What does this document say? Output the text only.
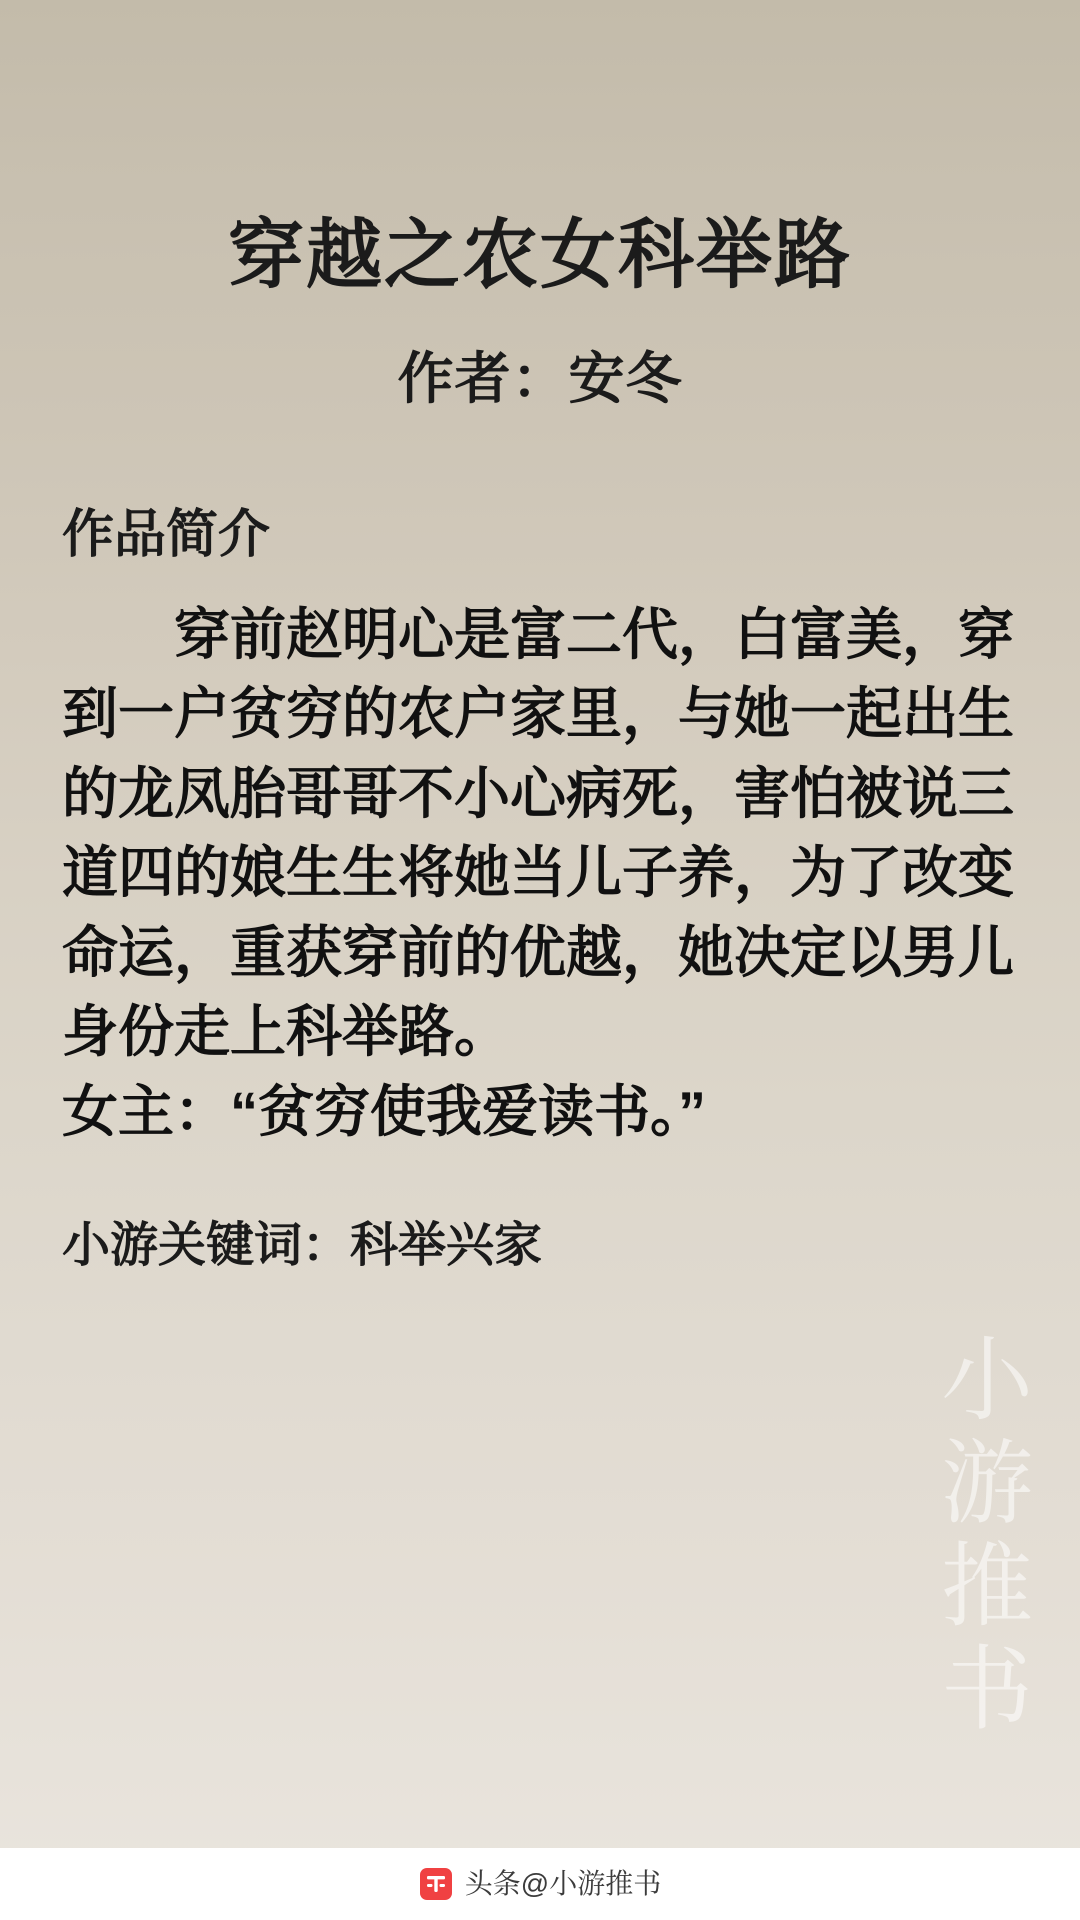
小
游
推
书
穿越之农女科举路
作者：安冬

作品简介

穿前赵明心是富二代，白富美，穿到一户贫穷的农户家里，与她一起出生的龙凤胎哥哥不小心病死，害怕被说三道四的娘生生将她当儿子养，为了改变命运，重获穿前的优越，她决定以男儿身份走上科举路。

女主：“贫穷使我爱读书。”

小游关键词：科举兴家

头条@小游推书
